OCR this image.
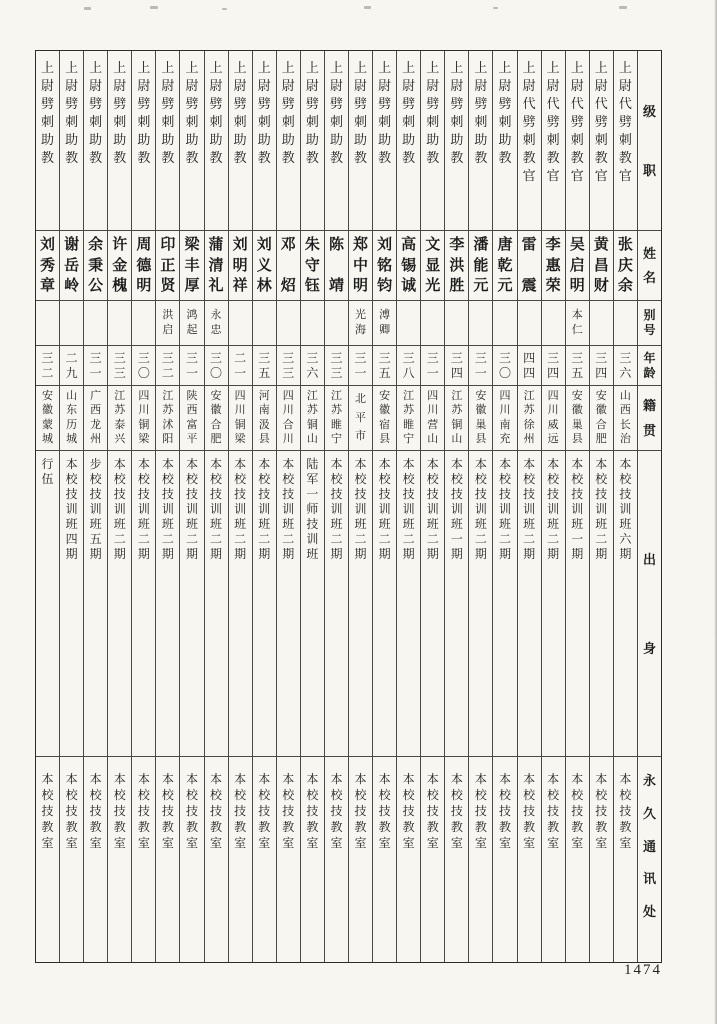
级
职
姓
名
别
号
年
龄
籍
贯
出
身
永
久
通
讯
处
上
尉
代
劈
刺
教
官
张
庆
余
三
六
山
西
长
治
本
校
技
训
班
六
期
本
校
技
教
室
上
尉
代
劈
刺
教
官
黄
昌
财
三
四
安
徽
合
肥
本
校
技
训
班
二
期
本
校
技
教
室
上
尉
代
劈
刺
教
官
吴
启
明
本
仁
三
五
安
徽
巢
县
本
校
技
训
班
一
期
本
校
技
教
室
上
尉
代
劈
刺
教
官
李
惠
荣
三
四
四
川
威
远
本
校
技
训
班
二
期
本
校
技
教
室
上
尉
代
劈
刺
教
官
雷
震
四
四
江
苏
徐
州
本
校
技
训
班
二
期
本
校
技
教
室
上
尉
劈
刺
助
教
唐
乾
元
三
〇
四
川
南
充
本
校
技
训
班
二
期
本
校
技
教
室
上
尉
劈
刺
助
教
潘
能
元
三
一
安
徽
巢
县
本
校
技
训
班
二
期
本
校
技
教
室
上
尉
劈
刺
助
教
李
洪
胜
三
四
江
苏
铜
山
本
校
技
训
班
一
期
本
校
技
教
室
上
尉
劈
刺
助
教
文
显
光
三
一
四
川
营
山
本
校
技
训
班
二
期
本
校
技
教
室
上
尉
劈
刺
助
教
高
锡
诚
三
八
江
苏
睢
宁
本
校
技
训
班
二
期
本
校
技
教
室
上
尉
劈
刺
助
教
刘
铭
钧
溥
卿
三
五
安
徽
宿
县
本
校
技
训
班
二
期
本
校
技
教
室
上
尉
劈
刺
助
教
郑
中
明
光
海
三
一
北
平
市
本
校
技
训
班
二
期
本
校
技
教
室
上
尉
劈
刺
助
教
陈
靖
三
三
江
苏
睢
宁
本
校
技
训
班
二
期
本
校
技
教
室
上
尉
劈
刺
助
教
朱
守
钰
三
六
江
苏
铜
山
陆
军
一
师
技
训
班
本
校
技
教
室
上
尉
劈
刺
助
教
邓
炤
三
三
四
川
合
川
本
校
技
训
班
二
期
本
校
技
教
室
上
尉
劈
刺
助
教
刘
义
林
三
五
河
南
汲
县
本
校
技
训
班
二
期
本
校
技
教
室
上
尉
劈
刺
助
教
刘
明
祥
二
一
四
川
铜
梁
本
校
技
训
班
二
期
本
校
技
教
室
上
尉
劈
刺
助
教
蒲
清
礼
永
忠
三
〇
安
徽
合
肥
本
校
技
训
班
二
期
本
校
技
教
室
上
尉
劈
刺
助
教
梁
丰
厚
鸿
起
三
一
陕
西
富
平
本
校
技
训
班
二
期
本
校
技
教
室
上
尉
劈
刺
助
教
印
正
贤
洪
启
三
二
江
苏
沭
阳
本
校
技
训
班
二
期
本
校
技
教
室
上
尉
劈
刺
助
教
周
德
明
三
〇
四
川
铜
梁
本
校
技
训
班
二
期
本
校
技
教
室
上
尉
劈
刺
助
教
许
金
槐
三
三
江
苏
泰
兴
本
校
技
训
班
二
期
本
校
技
教
室
上
尉
劈
刺
助
教
余
秉
公
三
一
广
西
龙
州
步
校
技
训
班
五
期
本
校
技
教
室
上
尉
劈
刺
助
教
谢
岳
岭
二
九
山
东
历
城
本
校
技
训
班
四
期
本
校
技
教
室
上
尉
劈
刺
助
教
刘
秀
章
三
二
安
徽
蒙
城
行
伍
本
校
技
教
室
1474
